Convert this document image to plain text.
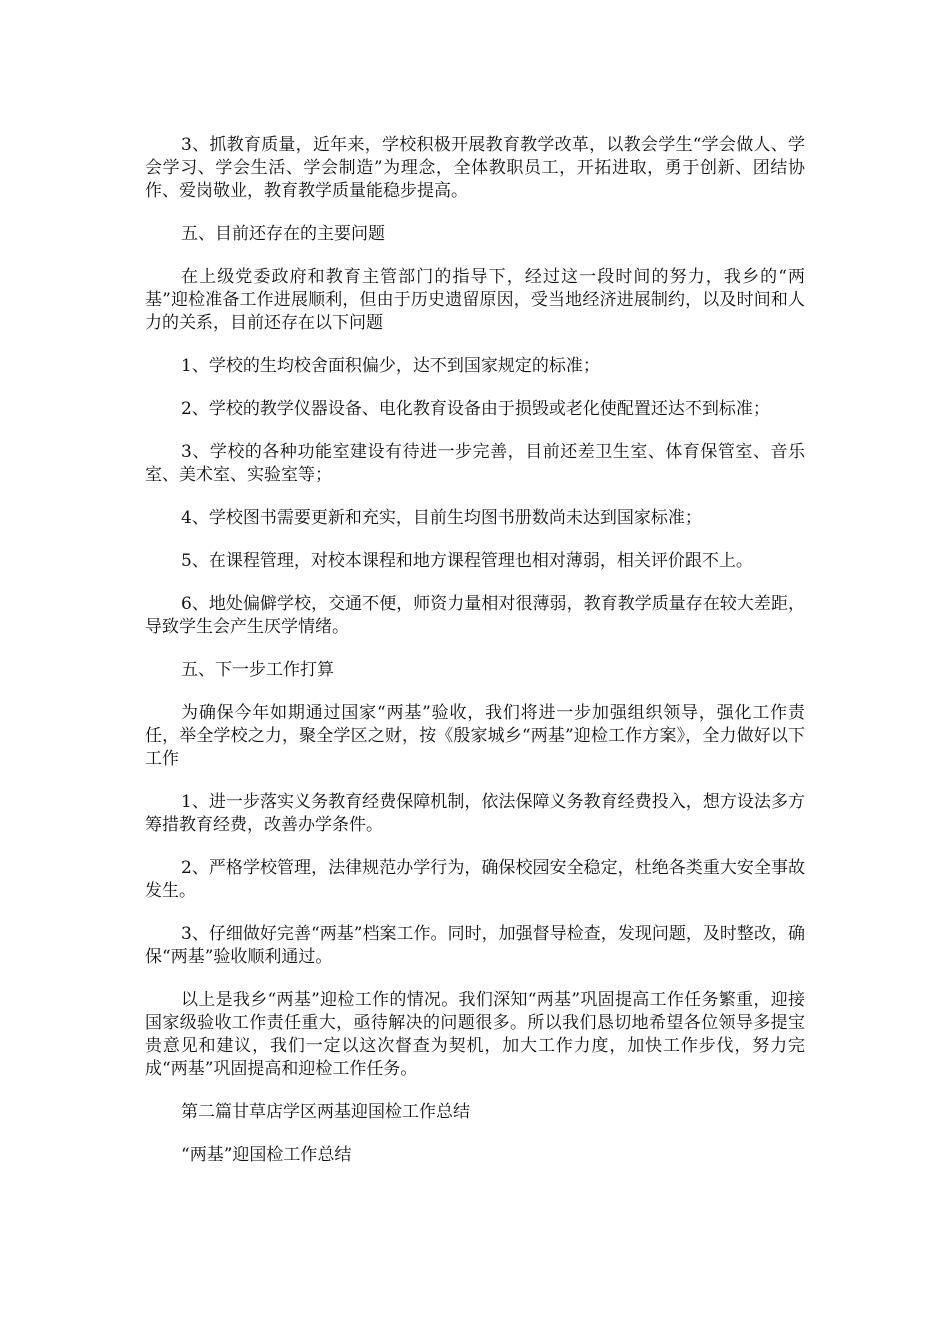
3、抓教育质量，近年来，学校积极开展教育教学改革，以教会学生“学会做人、学会学习、学会生活、学会制造”为理念，全体教职员工，开拓进取，勇于创新、团结协作、爱岗敬业，教育教学质量能稳步提高。

五、目前还存在的主要问题

在上级党委政府和教育主管部门的指导下，经过这一段时间的努力，我乡的“两基”迎检准备工作进展顺利，但由于历史遗留原因，受当地经济进展制约，以及时间和人力的关系，目前还存在以下问题

1、学校的生均校舍面积偏少，达不到国家规定的标准；

2、学校的教学仪器设备、电化教育设备由于损毁或老化使配置还达不到标准；

3、学校的各种功能室建设有待进一步完善，目前还差卫生室、体育保管室、音乐室、美术室、实验室等；

4、学校图书需要更新和充实，目前生均图书册数尚未达到国家标准；

5、在课程管理，对校本课程和地方课程管理也相对薄弱，相关评价跟不上。

6、地处偏僻学校，交通不便，师资力量相对很薄弱，教育教学质量存在较大差距，导致学生会产生厌学情绪。

五、下一步工作打算

为确保今年如期通过国家“两基”验收，我们将进一步加强组织领导，强化工作责任，举全学校之力，聚全学区之财，按《殷家城乡“两基”迎检工作方案》，全力做好以下工作

1、进一步落实义务教育经费保障机制，依法保障义务教育经费投入，想方设法多方筹措教育经费，改善办学条件。

2、严格学校管理，法律规范办学行为，确保校园安全稳定，杜绝各类重大安全事故发生。

3、仔细做好完善“两基”档案工作。同时，加强督导检查，发现问题，及时整改，确保“两基”验收顺利通过。

以上是我乡“两基”迎检工作的情况。我们深知“两基”巩固提高工作任务繁重，迎接国家级验收工作责任重大，亟待解决的问题很多。所以我们恳切地希望各位领导多提宝贵意见和建议，我们一定以这次督查为契机，加大工作力度，加快工作步伐，努力完成“两基”巩固提高和迎检工作任务。

第二篇甘草店学区两基迎国检工作总结

“两基”迎国检工作总结
